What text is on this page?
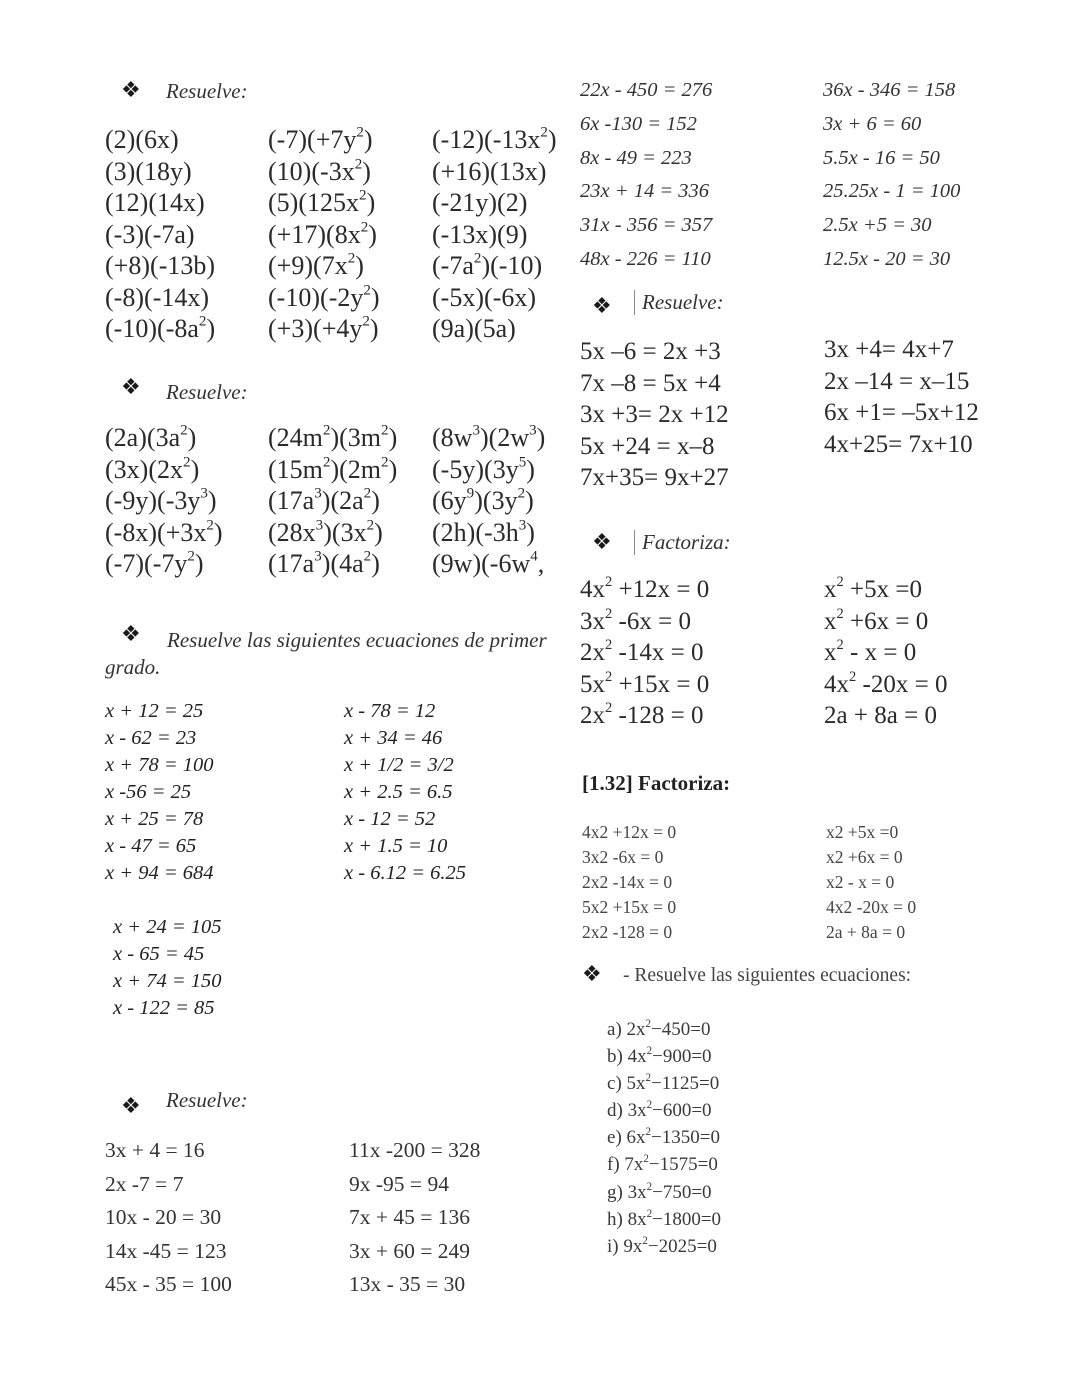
❖ Resuelve:
(2)(6x)
(3)(18y)
(12)(14x)
(-3)(-7a)
(+8)(-13b)
(-8)(-14x)
$(-10)(-8a^2)$
$(-7)(+7y^2)$
$(10)(-3x^2)$
$(5)(125x^2)$
$(+17)(8x^2)$
$(+9)(7x^2)$
$(-10)(-2y^2)$
$(+3)(+4y^2)$
$(-12)(-13x^2)$
(+16)(13x)
(-21y)(2)
(-13x)(9)
$(-7a^2)(-10)$
(-5x)(-6x)
(9a)(5a)
❖ Resuelve:
$(2a)(3a^2)$
$(3x)(2x^2)$
$(-9y)(-3y^3)$
$(-8x)(+3x^2)$
$(-7)(-7y^2)$
$(24m^2)(3m^2)$
$(15m^2)(2m^2)$
$(17a^3)(2a^2)$
$(28x^3)(3x^2)$
$(17a^3)(4a^2)$
$(8w^3)(2w^3)$
$(-5y)(3y^5)$
$(6y^9)(3y^2)$
$(2h)(-3h^3)$
$(9w)(-6w^4$,
❖ Resuelve las siguientes ecuaciones de primer
grado.
x + 12 = 25
x - 62 = 23
x + 78 = 100
x -56 = 25
x + 25 = 78
x - 47 = 65
x + 94 = 684
x - 78 = 12
x + 34 = 46
x + 1/2 = 3/2
x + 2.5 = 6.5
x - 12 = 52
x + 1.5 = 10
x - 6.12 = 6.25
x + 24 = 105
x - 65 = 45
x + 74 = 150
x - 122 = 85
❖ Resuelve:
3x + 4 = 16
2x -7 = 7
10x - 20 = 30
14x -45 = 123
45x - 35 = 100
11x -200 = 328
9x -95 = 94
7x + 45 = 136
3x + 60 = 249
13x - 35 = 30
22x - 450 = 276
6x -130 = 152
8x - 49 = 223
23x + 14 = 336
31x - 356 = 357
48x - 226 = 110
36x - 346 = 158
3x + 6 = 60
5.5x - 16 = 50
25.25x - 1 = 100
2.5x +5 = 30
12.5x - 20 = 30
❖	Resuelve:
5x –6 = 2x +3
7x –8 = 5x +4
3x +3= 2x +12
5x +24 = x–8
7x+35= 9x+27
3x +4= 4x+7
2x –14 = x–15
6x +1= –5x+12
4x+25= 7x+10
❖	Factoriza:
$4x^2 +12x = 0$
$3x^2$ -6x = 0
$2x^2$ -14x = 0
$5x^2 +15x = 0$
$2x^2$ -128 = 0
$x^2 +5x =0$
$x^2 +6x = 0$
$x^2 - x = 0$
$4x^2$ -20x = 0
2a + 8a = 0
[1.32] Factoriza:
4x2 +12x = 0
3x2 -6x = 0
2x2 -14x = 0
5x2 +15x = 0
2x2 -128 = 0
x2 +5x =0
x2 +6x = 0
x2 - x = 0
4x2 -20x = 0
2a + 8a = 0
❖ - Resuelve las siguientes ecuaciones:
a) $2x^2-450=0$
b) $4x^2-900=0$
c) $5x^2-1125=0$
d) $3x^2-600=0$
e) $6x^2-1350=0$
f) $7x^2-1575=0$
g) $3x^2-750=0$
h) $8x^2-1800=0$
i) $9x^2-2025=0$
